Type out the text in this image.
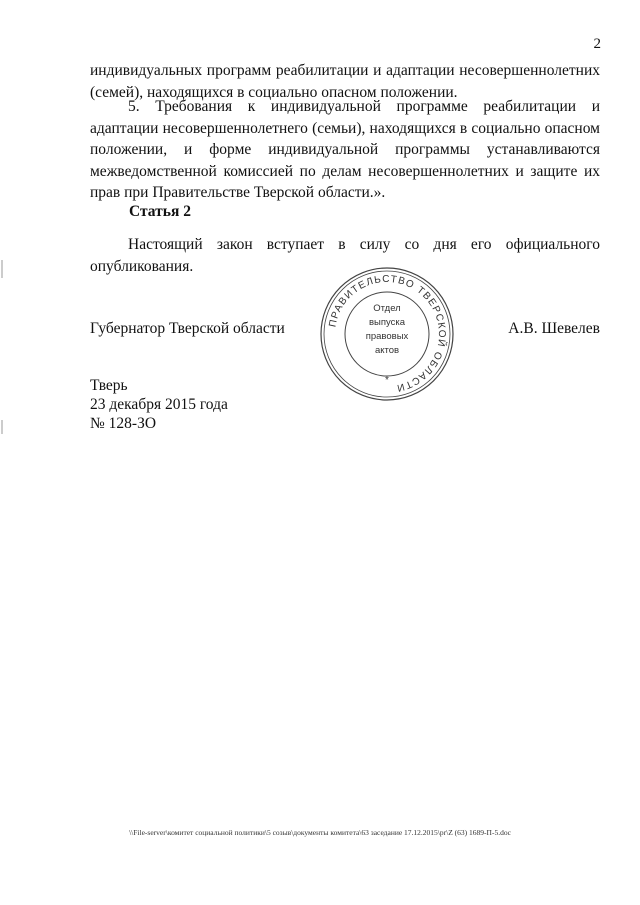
2

индивидуальных программ реабилитации и адаптации несовершеннолетних (семей), находящихся в социально опасном положении.

5. Требования к индивидуальной программе реабилитации и адаптации несовершеннолетнего (семьи), находящихся в социально опасном положении, и форме индивидуальной программы устанавливаются межведомственной комиссией по делам несовершеннолетних и защите их прав при Правительстве Тверской области.».

Статья 2

Настоящий закон вступает в силу со дня его официального опубликования.

Губернатор Тверской области	ПРАВИТЕЛЬСТВО ТВЕРСКОЙ ОБЛАСТИ
Отдел
выпуска
правовых
актов
*
А.В. Шевелев
Тверь
23 декабря 2015 года
№ 128-ЗО
\\File-server\комитет социальной политики\5 созыв\документы комитета\63 заседание 17.12.2015\pr\Z (63) 1689-П-5.doc
